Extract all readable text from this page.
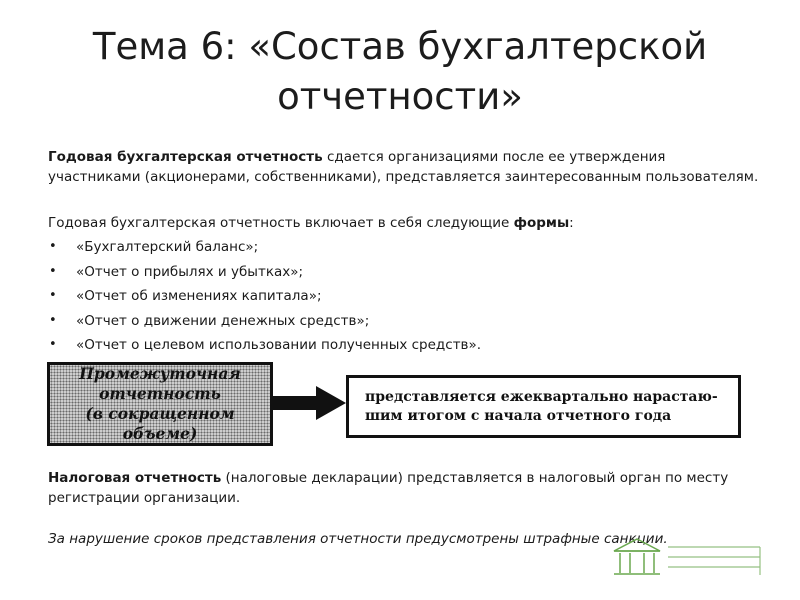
Тема 6: «Состав бухгалтерской
отчетности»
Годовая бухгалтерская отчетность сдается организациями после ее утверждения участниками (акционерами, собственниками), представляется заинтересованным пользователям.
Годовая бухгалтерская отчетность включает в себя следующие формы:
• «Бухгалтерский баланс»;
• «Отчет о прибылях и убытках»;
• «Отчет об изменениях капитала»;
• «Отчет о движении денежных средств»;
• «Отчет о целевом использовании полученных средств».
Промежуточная
отчетность
(в сокращенном объеме)
представляется ежеквартально нарастаю-
шим итогом с начала отчетного года
Налоговая отчетность (налоговые декларации) представляется в налоговый орган по месту регистрации организации.
За нарушение сроков представления отчетности предусмотрены штрафные санкции.
